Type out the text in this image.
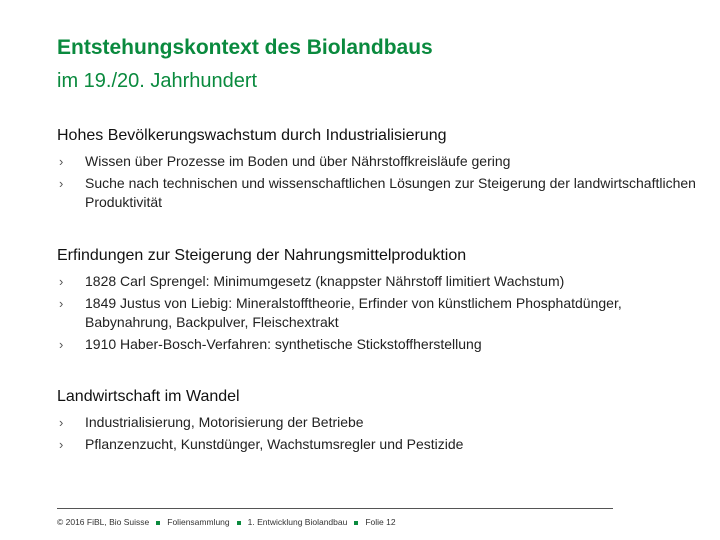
Entstehungskontext des Biolandbaus
im 19./20. Jahrhundert
Hohes Bevölkerungswachstum durch Industrialisierung
› Wissen über Prozesse im Boden und über Nährstoffkreisläufe gering
› Suche nach technischen und wissenschaftlichen Lösungen zur Steigerung der landwirtschaftlichen Produktivität
Erfindungen zur Steigerung der Nahrungsmittelproduktion
› 1828 Carl Sprengel: Minimumgesetz (knappster Nährstoff limitiert Wachstum)
› 1849 Justus von Liebig: Mineralstofftheorie, Erfinder von künstlichem Phosphatdünger, Babynahrung, Backpulver, Fleischextrakt
› 1910 Haber-Bosch-Verfahren: synthetische Stickstoffherstellung
Landwirtschaft im Wandel
› Industrialisierung, Motorisierung der Betriebe
› Pflanzenzucht, Kunstdünger, Wachstumsregler und Pestizide
© 2016 FiBL, Bio Suisse Foliensammlung 1. Entwicklung Biolandbau Folie 12
